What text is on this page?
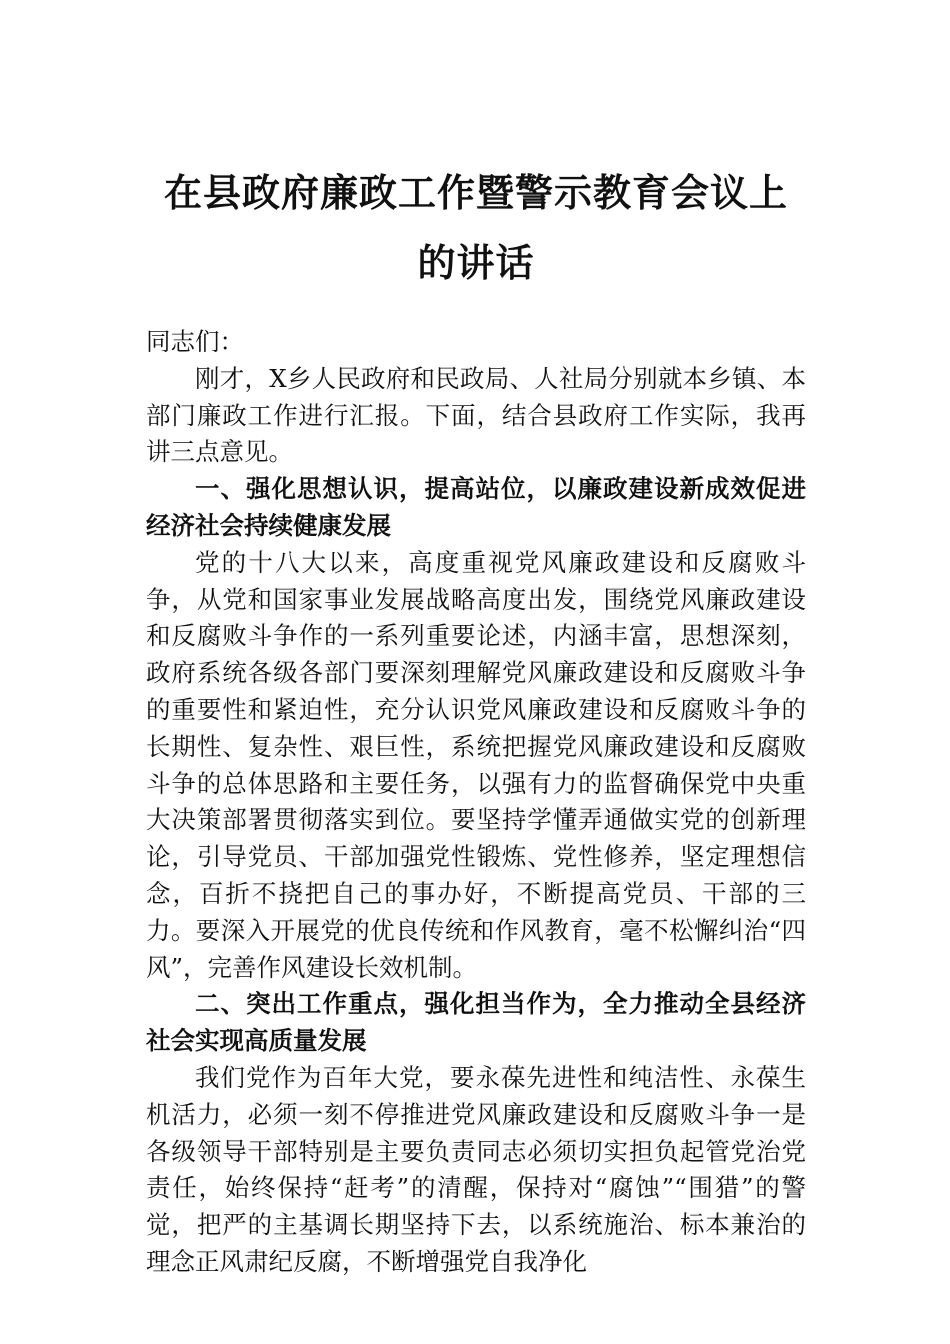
在县政府廉政工作暨警示教育会议上的讲话

同志们：

刚才，X乡人民政府和民政局、人社局分别就本乡镇、本部门廉政工作进行汇报。下面，结合县政府工作实际，我再讲三点意见。

一、强化思想认识，提高站位，以廉政建设新成效促进经济社会持续健康发展

党的十八大以来，高度重视党风廉政建设和反腐败斗争，从党和国家事业发展战略高度出发，围绕党风廉政建设和反腐败斗争作的一系列重要论述，内涵丰富，思想深刻，政府系统各级各部门要深刻理解党风廉政建设和反腐败斗争的重要性和紧迫性，充分认识党风廉政建设和反腐败斗争的长期性、复杂性、艰巨性，系统把握党风廉政建设和反腐败斗争的总体思路和主要任务，以强有力的监督确保党中央重大决策部署贯彻落实到位。要坚持学懂弄通做实党的创新理论，引导党员、干部加强党性锻炼、党性修养，坚定理想信念，百折不挠把自己的事办好，不断提高党员、干部的三力。要深入开展党的优良传统和作风教育，毫不松懈纠治“四风”，完善作风建设长效机制。

二、突出工作重点，强化担当作为，全力推动全县经济社会实现高质量发展

我们党作为百年大党，要永葆先进性和纯洁性、永葆生机活力，必须一刻不停推进党风廉政建设和反腐败斗争一是各级领导干部特别是主要负责同志必须切实担负起管党治党责任，始终保持“赶考”的清醒，保持对“腐蚀”“围猎”的警觉，把严的主基调长期坚持下去，以系统施治、标本兼治的理念正风肃纪反腐，不断增强党自我净化
